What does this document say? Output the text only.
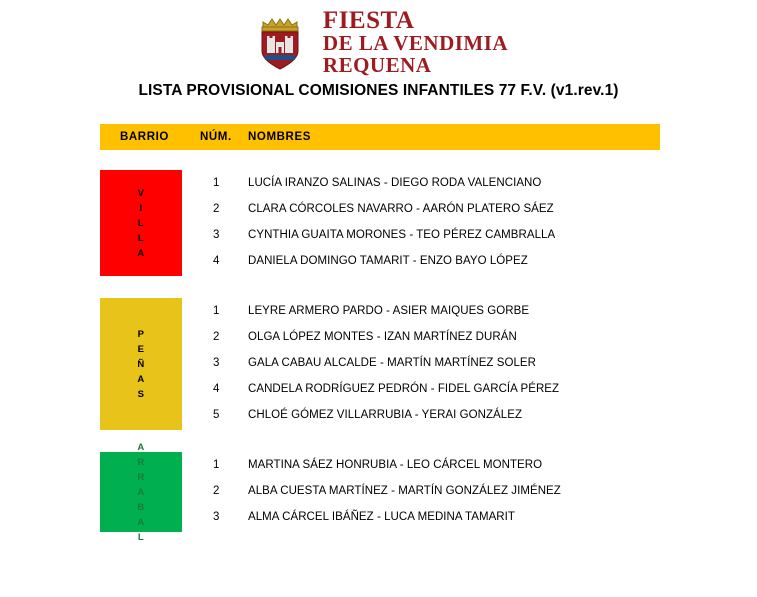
FIESTA
DE LA VENDIMIA
REQUENA
LISTA PROVISIONAL COMISIONES INFANTILES 77 F.V. (v1.rev.1)
BARRIO	NÚM. NOMBRES
V
I
L
L
A
1	LUCÍA IRANZO SALINAS - DIEGO RODA VALENCIANO
2	CLARA CÓRCOLES NAVARRO - AARÓN PLATERO SÁEZ
3	CYNTHIA GUAITA MORONES - TEO PÉREZ CAMBRALLA
4	DANIELA DOMINGO TAMARIT - ENZO BAYO LÓPEZ
P
E
Ñ
A
S
1	LEYRE ARMERO PARDO - ASIER MAIQUES GORBE
2	OLGA LÓPEZ MONTES - IZAN MARTÍNEZ DURÁN
3	GALA CABAU ALCALDE - MARTÍN MARTÍNEZ SOLER
4	CANDELA RODRÍGUEZ PEDRÓN - FIDEL GARCÍA PÉREZ
5	CHLOÉ GÓMEZ VILLARRUBIA - YERAI GONZÁLEZ
A
R
R
A
B
A
L
1	MARTINA SÁEZ HONRUBIA - LEO CÁRCEL MONTERO
2	ALBA CUESTA MARTÍNEZ - MARTÍN GONZÁLEZ JIMÉNEZ
3	ALMA CÁRCEL IBÁÑEZ - LUCA MEDINA TAMARIT
